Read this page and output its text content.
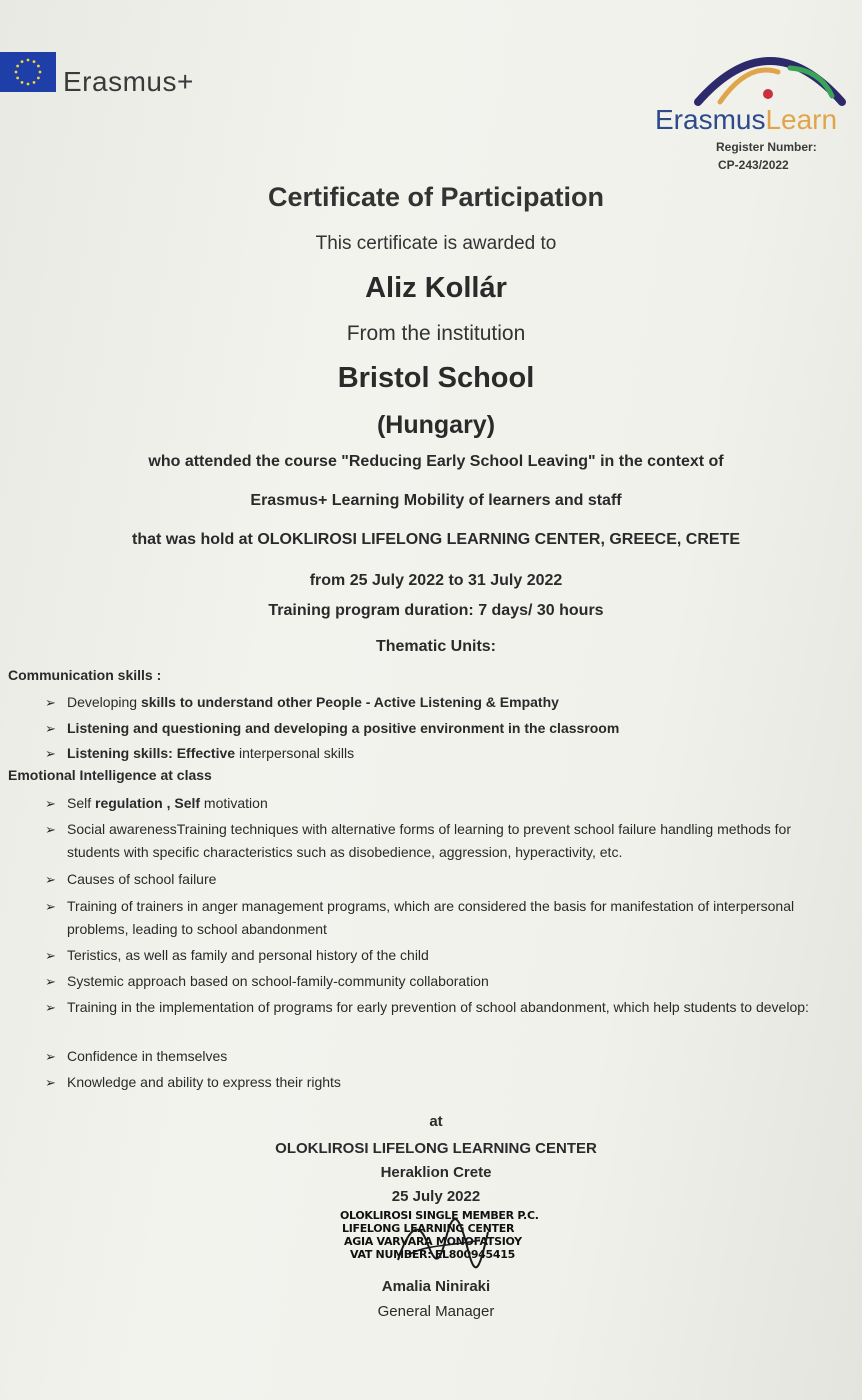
Erasmus+
ErasmusLearn
Register Number:
CP-243/2022
Certificate of Participation
This certificate is awarded to
Aliz Kollár
From the institution
Bristol School
(Hungary)
who attended the course "Reducing Early School Leaving" in the context of
Erasmus+ Learning Mobility of learners and staff
that was hold at OLOKLIROSI LIFELONG LEARNING CENTER, GREECE, CRETE
from 25 July 2022 to 31 July 2022
Training program duration: 7 days/ 30 hours
Thematic Units:
Communication skills :
➢ Developing skills to understand other People - Active Listening & Empathy
➢ Listening and questioning and developing a positive environment in the classroom
➢ Listening skills: Effective interpersonal skills
Emotional Intelligence at class
➢ Self regulation , Self motivation
➢ Social awarenessTraining techniques with alternative forms of learning to prevent school failure handling methods for students with specific characteristics such as disobedience, aggression, hyperactivity, etc.
➢ Causes of school failure
➢ Training of trainers in anger management programs, which are considered the basis for manifestation of interpersonal problems, leading to school abandonment
➢ Teristics, as well as family and personal history of the child
➢ Systemic approach based on school-family-community collaboration
➢ Training in the implementation of programs for early prevention of school abandonment, which help students to develop:
➢ Confidence in themselves
➢ Knowledge and ability to express their rights
at
OLOKLIROSI LIFELONG LEARNING CENTER
Heraklion Crete
25 July 2022
OLOKLIROSI SINGLE MEMBER P.C.
LIFELONG LEARNING CENTER
AGIA VARVARA MONOFATSIOY
VAT NUMBER: EL800945415
Amalia Niniraki
General Manager
